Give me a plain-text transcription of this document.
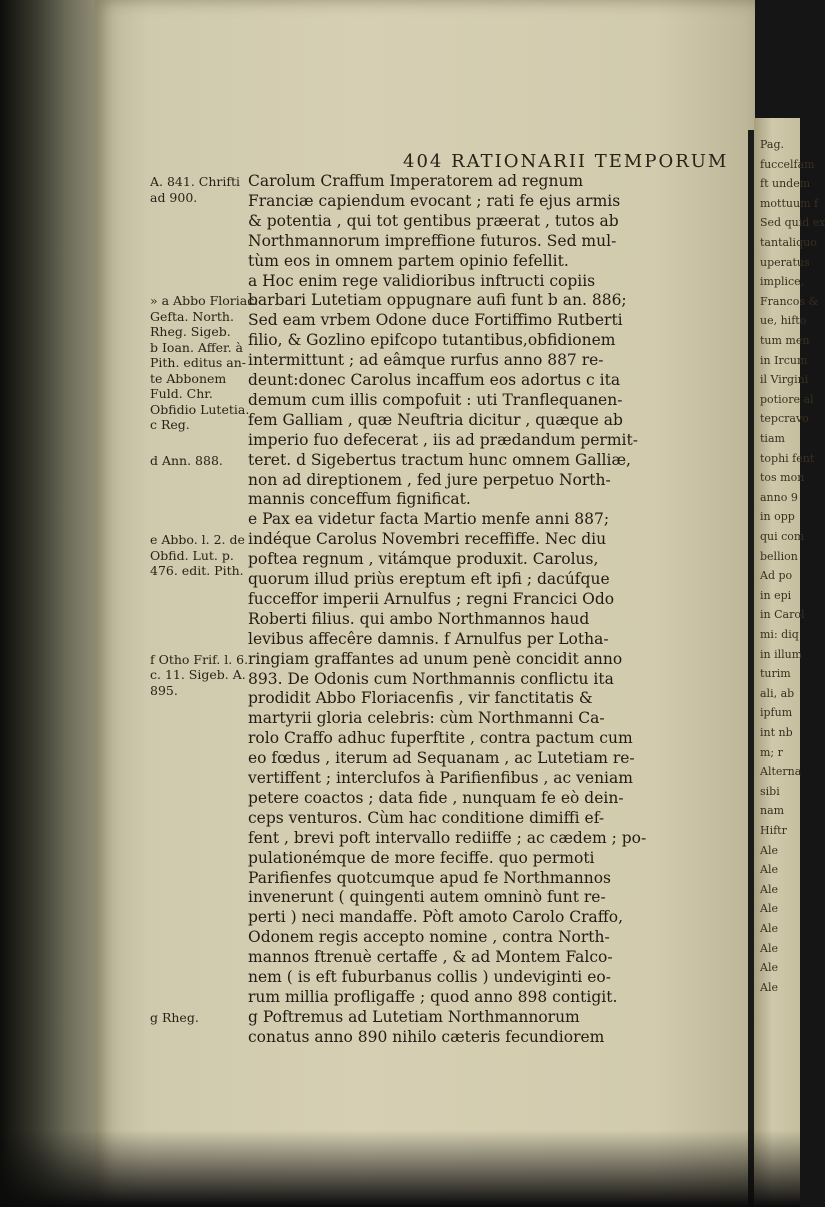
404 RATIONARII TEMPORUM
A. 841. Chrifti
ad 900.
» a Abbo Floriac.
Gefta. North.
Rheg. Sigeb.
b Ioan. Affer. à
Pith. editus an-
te Abbonem
Fuld. Chr.
Obfidio Lutetia.
c Reg.
d Ann. 888.
e Abbo. l. 2. de
Obfid. Lut. p.
476. edit. Pith.
f Otho Frif. l. 6.
c. 11. Sigeb. A.
895.
g Rheg.
Carolum Craffum Imperatorem ad regnum
Franciæ capiendum evocant ; rati fe ejus armis
& potentia , qui tot gentibus præerat , tutos ab
Northmannorum impreffione futuros. Sed mul-
tùm eos in omnem partem opinio fefellit.
a Hoc enim rege validioribus inftructi copiis
barbari Lutetiam oppugnare aufi funt b an. 886;
Sed eam vrbem Odone duce Fortiffimo Rutberti
filio, & Gozlino epifcopo tutantibus,obfidionem
intermittunt ; ad eâmque rurfus anno 887 re-
deunt:donec Carolus incaffum eos adortus c ita
demum cum illis compofuit : uti Tranflequanen-
fem Galliam , quæ Neuftria dicitur , quæque ab
imperio fuo defecerat , iis ad prædandum permit-
teret. d Sigebertus tractum hunc omnem Galliæ,
non ad direptionem , fed jure perpetuo North-
mannis conceffum fignificat.
e Pax ea videtur facta Martio menfe anni 887;
indéque Carolus Novembri receffiffe. Nec diu
poftea regnum , vitámque produxit. Carolus,
quorum illud priùs ereptum eft ipfi ; dacúfque
fucceffor imperii Arnulfus ; regni Francici Odo
Roberti filius. qui ambo Northmannos haud
levibus affecêre damnis. f Arnulfus per Lotha-
ringiam graffantes ad unum penè concidit anno
893. De Odonis cum Northmannis conflictu ita
prodidit Abbo Floriacenfis , vir fanctitatis &
martyrii gloria celebris: cùm Northmanni Ca-
rolo Craffo adhuc fuperftite , contra pactum cum
eo fœdus , iterum ad Sequanam , ac Lutetiam re-
vertiffent ; interclufos à Parifienfibus , ac veniam
petere coactos ; data fide , nunquam fe eò dein-
ceps venturos. Cùm hac conditione dimiffi ef-
fent , brevi poft intervallo rediiffe ; ac cædem ; po-
pulationémque de more feciffe. quo permoti
Parifienfes quotcumque apud fe Northmannos
invenerunt ( quingenti autem omninò funt re-
perti ) neci mandaffe. Pòft amoto Carolo Craffo,
Odonem regis accepto nomine , contra North-
mannos ftrenuè certaffe , & ad Montem Falco-
nem ( is eft fuburbanus collis ) undeviginti eo-
rum millia profligaffe ; quod anno 898 contigit.
g Poftremus ad Lutetiam Northmannorum
conatus anno 890 nihilo cæteris fecundiorem
Pag.
fuccelfam
ft undem
mottuum f
Sed quid ex
tantaliquo
uperatus
implice,
Francos &
ue, hifto
tum men
in Ircum
il Virgini
potiore al
tepcravo
tiam
tophi fent
tos mon
anno 9
in opp
qui com
bellion
Ad po
in epi
in Carol
mi: diq
in illum
turim
ali, ab
ipfum
int nb
m; r
Alterna
sibi
nam
Hiftr
Ale
Ale
Ale
Ale
Ale
Ale
Ale
Ale
